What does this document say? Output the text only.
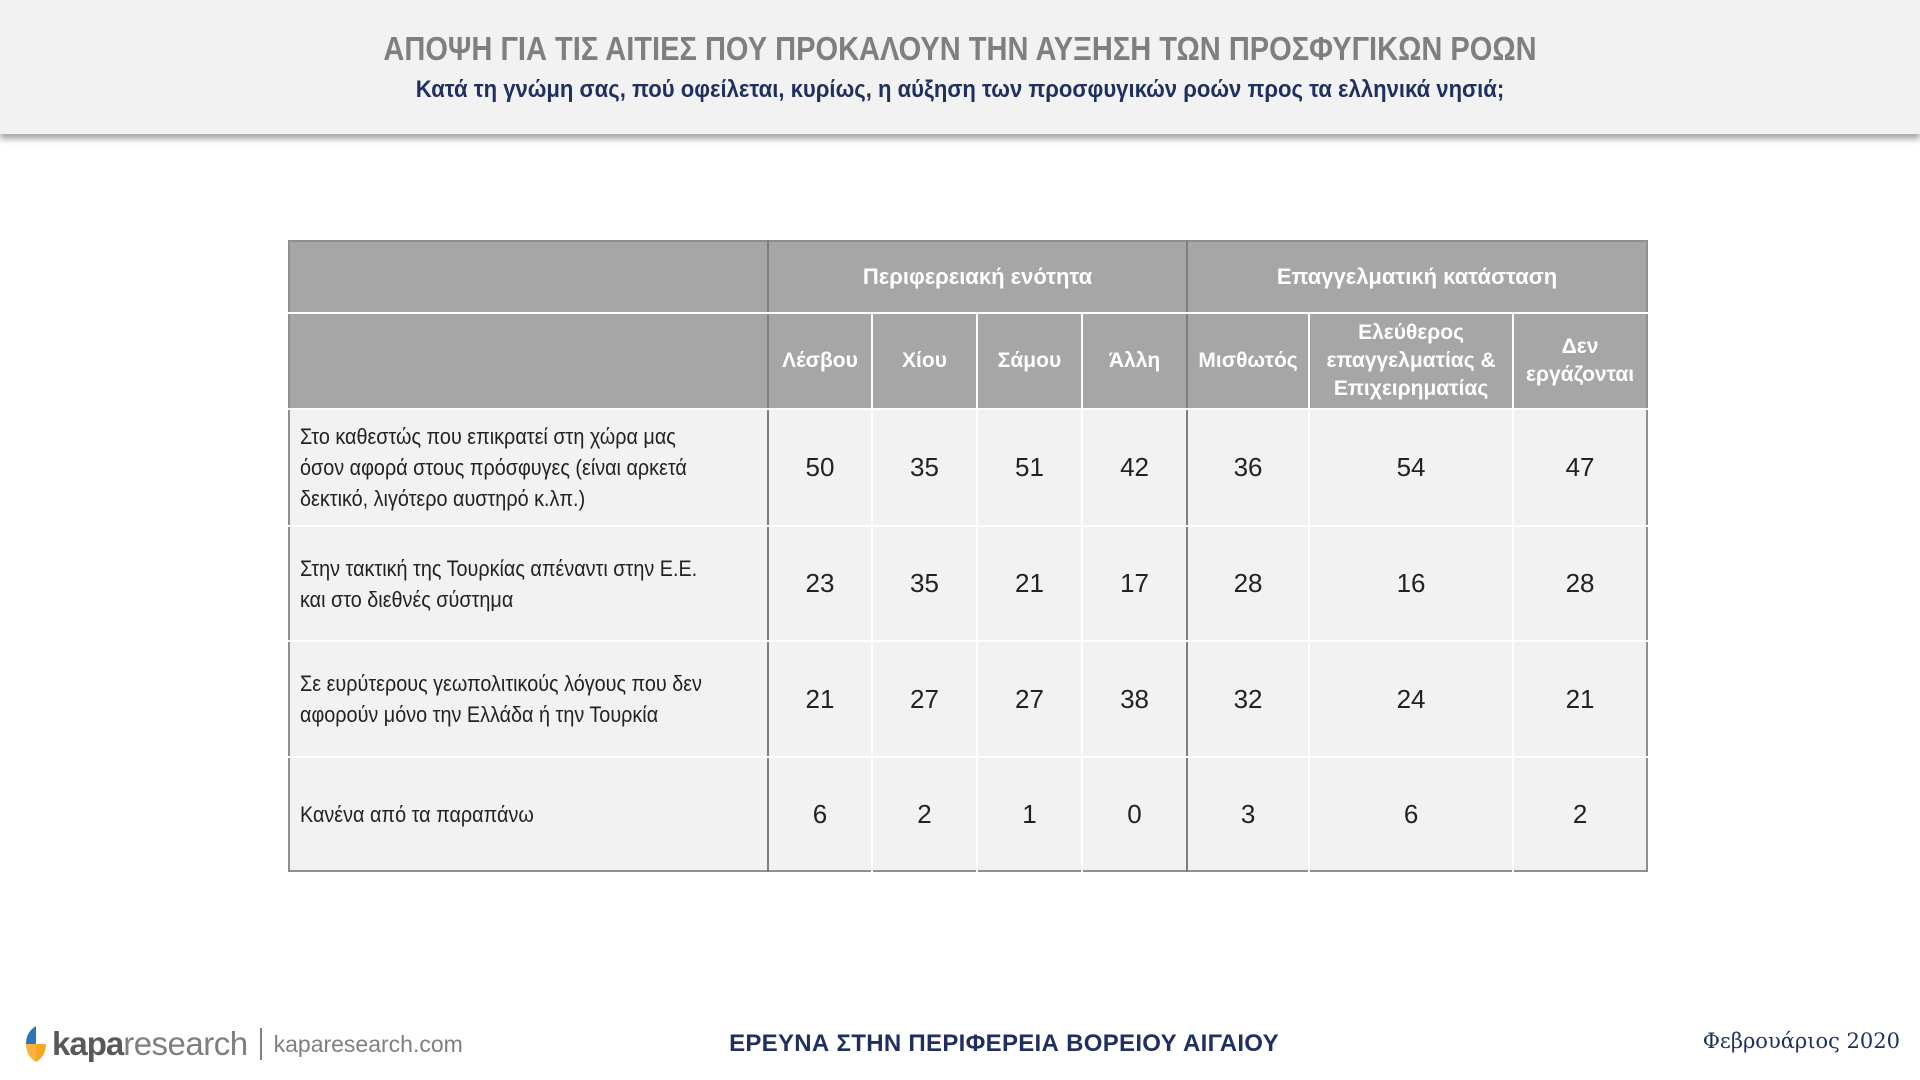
ΑΠΟΨΗ ΓΙΑ ΤΙΣ ΑΙΤΙΕΣ ΠΟΥ ΠΡΟΚΑΛΟΥΝ ΤΗΝ ΑΥΞΗΣΗ ΤΩΝ ΠΡΟΣΦΥΓΙΚΩΝ ΡΟΩΝ
Κατά τη γνώμη σας, πού οφείλεται, κυρίως, η αύξηση των προσφυγικών ροών προς τα ελληνικά νησιά;
	Περιφερειακή ενότητα				Επαγγελματική κατάσταση		
	Λέσβου	Χίου	Σάμου	Άλλη	Μισθωτός	Ελεύθερος επαγγελματίας & Επιχειρηματίας	Δεν εργάζονται

Στο καθεστώς που επικρατεί στη χώρα μας όσον αφορά στους πρόσφυγες (είναι αρκετά δεκτικό, λιγότερο αυστηρό κ.λπ.)	50	35	51	42	36	54	47

Στην τακτική της Τουρκίας απέναντι στην Ε.Ε. και στο διεθνές σύστημα	23	35	21	17	28	16	28

Σε ευρύτερους γεωπολιτικούς λόγους που δεν αφορούν μόνο την Ελλάδα ή την Τουρκία	21	27	27	38	32	24	21

Κανένα από τα παραπάνω	6	2	1	0	3	6	2
kapa research kaparesearch.com	ΕΡΕΥΝΑ ΣΤΗΝ ΠΕΡΙΦΕΡΕΙΑ ΒΟΡΕΙΟΥ ΑΙΓΑΙΟΥ	Φεβρουάριος 2020
